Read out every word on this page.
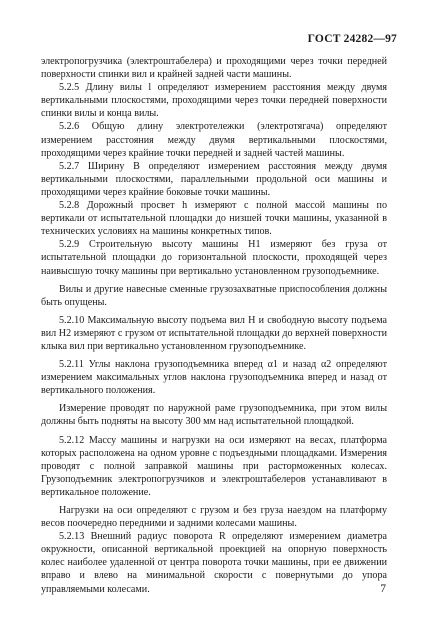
ГОСТ 24282—97

электропогрузчика (электроштабелера) и проходящими через точки передней поверхности спинки вил и крайней задней части машины.

5.2.5 Длину вилы l определяют измерением расстояния между двумя вертикальными плоскостями, проходящими через точки передней поверхности спинки вилы и конца вилы.

5.2.6 Общую длину электротележки (электротягача) определяют измерением расстояния между двумя вертикальными плоскостями, проходящими через крайние точки передней и задней частей машины.

5.2.7 Ширину B определяют измерением расстояния между двумя вертикальными плоскостями, параллельными продольной оси машины и проходящими через крайние боковые точки машины.

5.2.8 Дорожный просвет h измеряют с полной массой машины по вертикали от испытательной площадки до низшей точки машины, указанной в технических условиях на машины конкретных типов.

5.2.9 Строительную высоту машины H1 измеряют без груза от испытательной площадки до горизонтальной плоскости, проходящей через наивысшую точку машины при вертикально установленном грузоподъемнике.

Вилы и другие навесные сменные грузозахватные приспособления должны быть опущены.

5.2.10 Максимальную высоту подъема вил H и свободную высоту подъема вил H2 измеряют с грузом от испытательной площадки до верхней поверхности клыка вил при вертикально установленном грузоподъемнике.

5.2.11 Углы наклона грузоподъемника вперед α1 и назад α2 определяют измерением максимальных углов наклона грузоподъемника вперед и назад от вертикального положения.

Измерение проводят по наружной раме грузоподъемника, при этом вилы должны быть подняты на высоту 300 мм над испытательной площадкой.

5.2.12 Массу машины и нагрузки на оси измеряют на весах, платформа которых расположена на одном уровне с подъездными площадками. Измерения проводят с полной заправкой машины при расторможенных колесах. Грузоподъемник электропогрузчиков и электроштабелеров устанавливают в вертикальное положение.

Нагрузки на оси определяют с грузом и без груза наездом на платформу весов поочередно передними и задними колесами машины.

5.2.13 Внешний радиус поворота R определяют измерением диаметра окружности, описанной вертикальной проекцией на опорную поверхность колес наиболее удаленной от центра поворота точки машины, при ее движении вправо и влево на минимальной скорости с повернутыми до упора управляемыми колесами.	7
